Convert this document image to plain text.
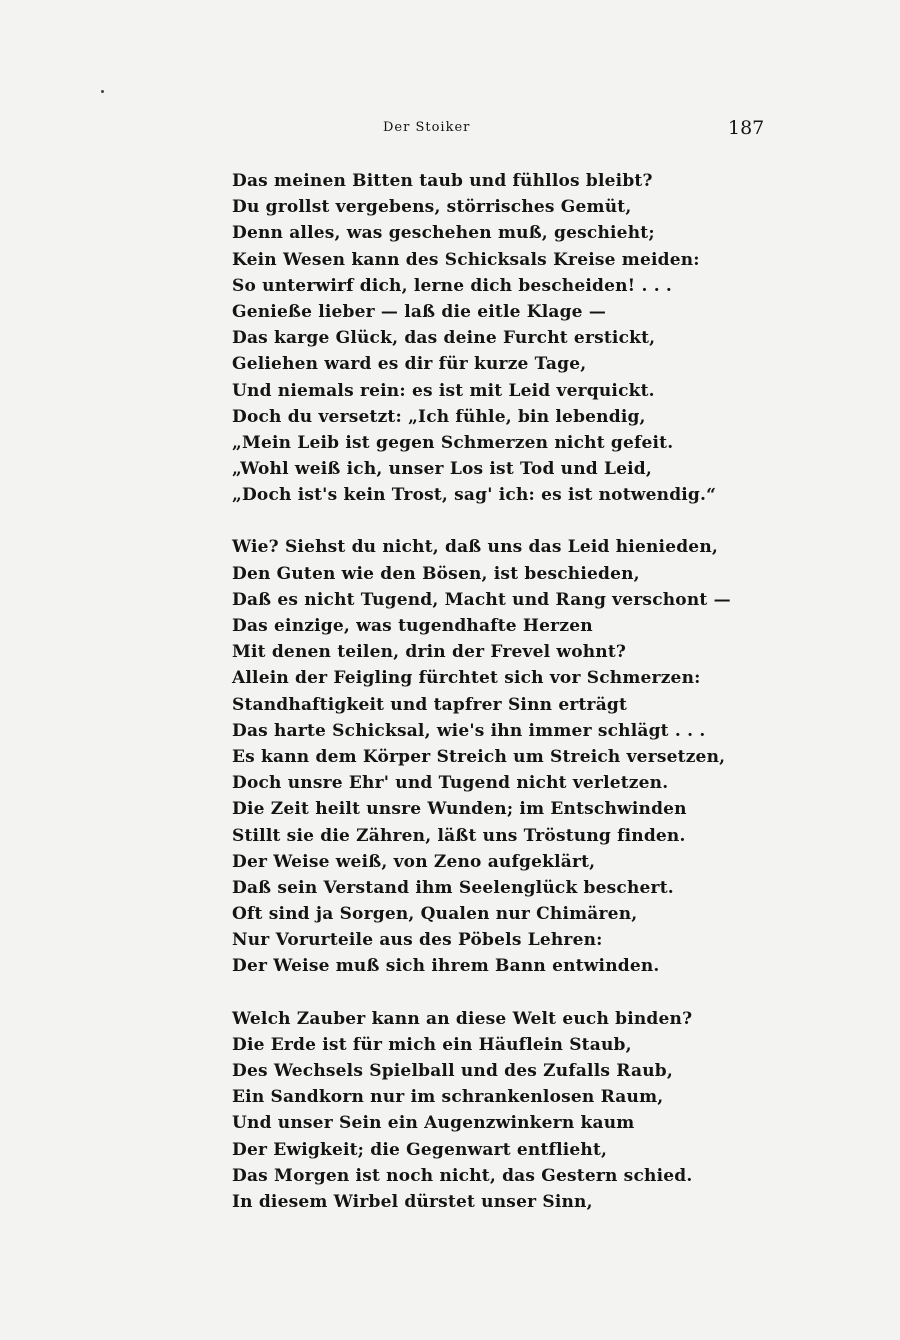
Der Stoiker	187
Das meinen Bitten taub und fühllos bleibt?
Du grollst vergebens, störrisches Gemüt,
Denn alles, was geschehen muß, geschieht;
Kein Wesen kann des Schicksals Kreise meiden:
So unterwirf dich, lerne dich bescheiden! . . .
Genieße lieber — laß die eitle Klage —
Das karge Glück, das deine Furcht erstickt,
Geliehen ward es dir für kurze Tage,
Und niemals rein: es ist mit Leid verquickt.
Doch du versetzt: „Ich fühle, bin lebendig,
„Mein Leib ist gegen Schmerzen nicht gefeit.
„Wohl weiß ich, unser Los ist Tod und Leid,
„Doch ist's kein Trost, sag' ich: es ist notwendig.“
Wie? Siehst du nicht, daß uns das Leid hienieden,
Den Guten wie den Bösen, ist beschieden,
Daß es nicht Tugend, Macht und Rang verschont —
Das einzige, was tugendhafte Herzen
Mit denen teilen, drin der Frevel wohnt?
Allein der Feigling fürchtet sich vor Schmerzen:
Standhaftigkeit und tapfrer Sinn erträgt
Das harte Schicksal, wie's ihn immer schlägt . . .
Es kann dem Körper Streich um Streich versetzen,
Doch unsre Ehr' und Tugend nicht verletzen.
Die Zeit heilt unsre Wunden; im Entschwinden
Stillt sie die Zähren, läßt uns Tröstung finden.
Der Weise weiß, von Zeno aufgeklärt,
Daß sein Verstand ihm Seelenglück beschert.
Oft sind ja Sorgen, Qualen nur Chimären,
Nur Vorurteile aus des Pöbels Lehren:
Der Weise muß sich ihrem Bann entwinden.
Welch Zauber kann an diese Welt euch binden?
Die Erde ist für mich ein Häuflein Staub,
Des Wechsels Spielball und des Zufalls Raub,
Ein Sandkorn nur im schrankenlosen Raum,
Und unser Sein ein Augenzwinkern kaum
Der Ewigkeit; die Gegenwart entflieht,
Das Morgen ist noch nicht, das Gestern schied.
In diesem Wirbel dürstet unser Sinn,
